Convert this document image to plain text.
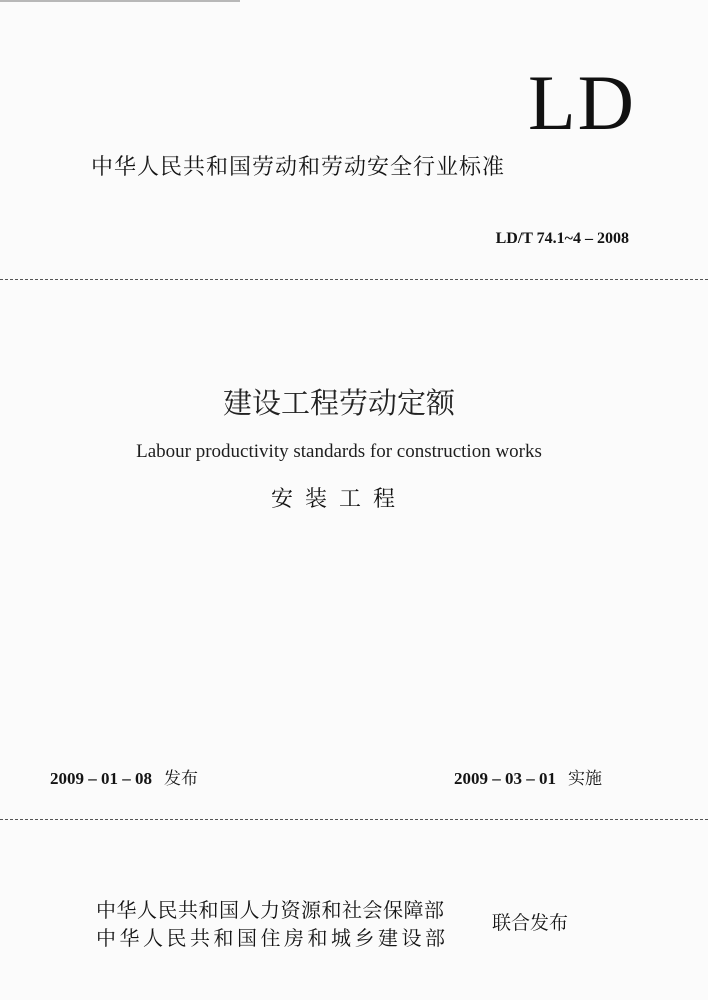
LD
中华人民共和国劳动和劳动安全行业标准
LD/T 74.1~4 – 2008
建设工程劳动定额
Labour productivity standards for construction works
安装工程
2009 – 01 – 08 发布	2009 – 03 – 01 实施
中华人民共和国人力资源和社会保障部
中华人民共和国住房和城乡建设部
联合发布
